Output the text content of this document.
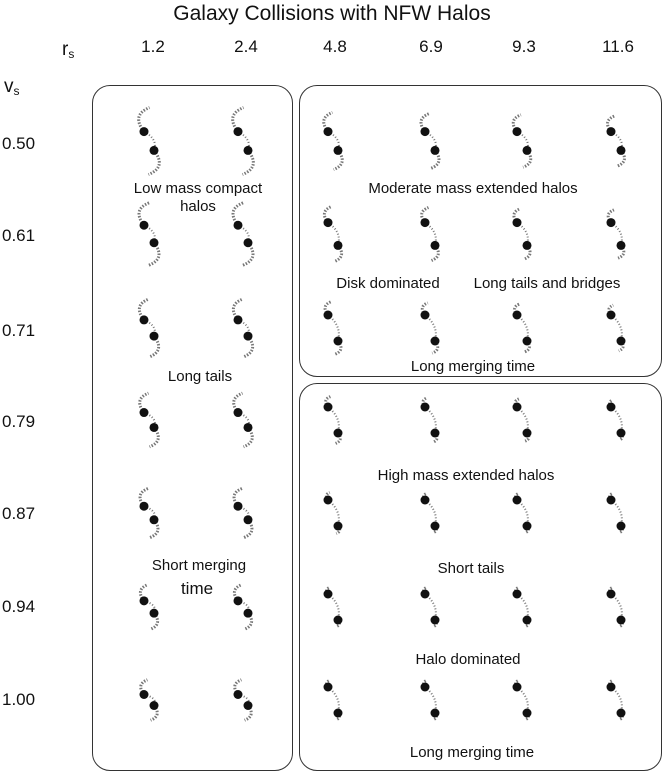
Galaxy Collisions with NFW Halos
$r_s$
$v_s$
1.2	2.4	4.8	6.9	9.3	11.6
0.50
0.61
0.71
0.79
0.87
0.94
1.00
Low mass compact
halos
Long tails
Short merging
time
Moderate mass extended halos
Disk dominated	Long tails and bridges
Long merging time
High mass extended halos
Short tails
Halo dominated
Long merging time
